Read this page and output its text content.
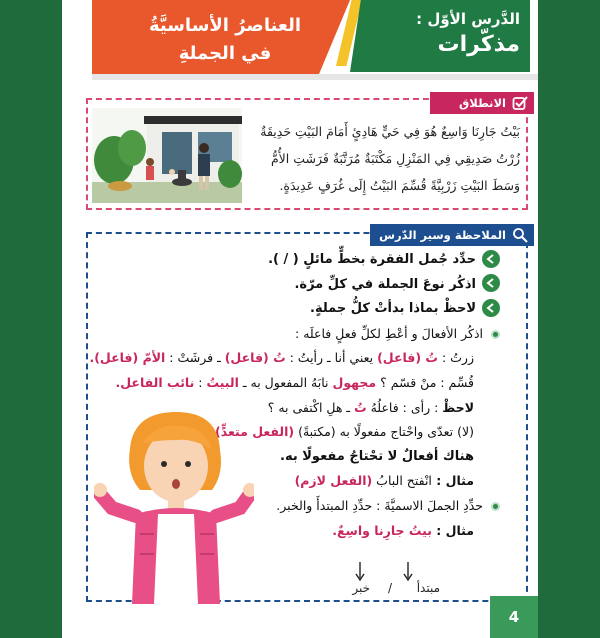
العناصرُ الأساسيَّةُ
في الجملةِ
الدَّرس الأوّل :
مذكّرات
الانطلاق
بَيْتُ جَارِنَا وَاسِعٌ هُوَ فِي حَيٍّ هَادِئٍ أَمَامَ البَيْتِ حَدِيقَةٌ
زُرْتُ صَدِيقِي فِي المَنْزِلِ مَكْتَبَةٌ مُرَتَّبَةٌ فَرَشَتِ الأُمُّ
وَسَطَ البَيْتِ زَرْبِيَّةً قُسِّمَ البَيْتُ إِلَى غُرَفٍ عَدِيدَةٍ.
الملاحظة وسير الدّرس
حدِّد جُمل الفقرة بخطٍّ مائلٍ ( / ).
اذكُر نوعَ الجملة في كلِّ مرّة.
لاحظْ بماذا بدأتْ كلُّ جملةٍ.
اذكُر الأفعالَ و أعْطِ لكلِّ فعلٍ فاعلَه :
زرتُ : تُ (فاعل) يعني أنا ـ رأيتُ : تُ (فاعل) ـ فرشَتْ : الأمّ (فاعل).
قُسِّم : منْ قسّم ؟ مجهول نابَهُ المفعول به ـ البيتُ : نائب الفاعل.
لاحظْ : رأى : فاعلُهُ تُ ـ هلِ اكْتفى به ؟
(لا) تعدّى واحْتاج مفعولًا به (مكتبةً) (الفعل متعدٍّ)
هناك أفعالٌ لا تحْتاجُ مفعولًا به.
مثال : انْفتح البابُ (الفعل لازم)
حدِّدِ الجملَ الاسميَّةَ : حدِّدِ المبتدأَ والخبر.
مثال : بيتُ جارِنا واسِعٌ.
مبتدأ
/
خبر
4
